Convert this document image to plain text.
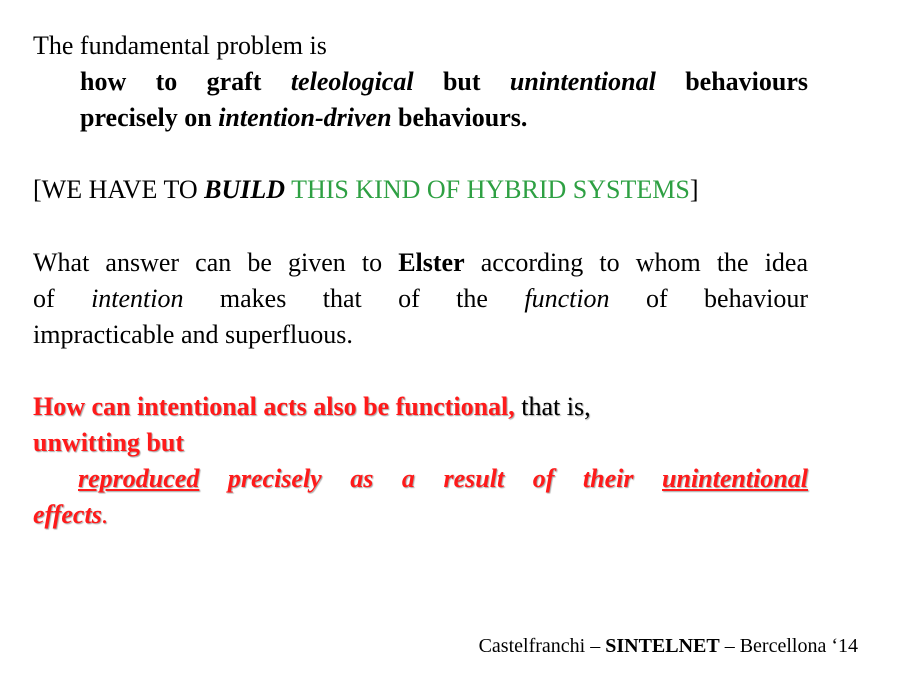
The fundamental problem is
how to graft teleological but unintentional behaviours
precisely on intention-driven behaviours.
[WE HAVE TO BUILD THIS KIND OF HYBRID SYSTEMS]
What answer can be given to Elster according to whom the idea
of intention makes that of the function of behaviour
impracticable and superfluous.
How can intentional acts also be functional, that is,
unwitting but
reproduced precisely as a result of their unintentional
effects.
Castelfranchi – SINTELNET – Bercellona ‘14
